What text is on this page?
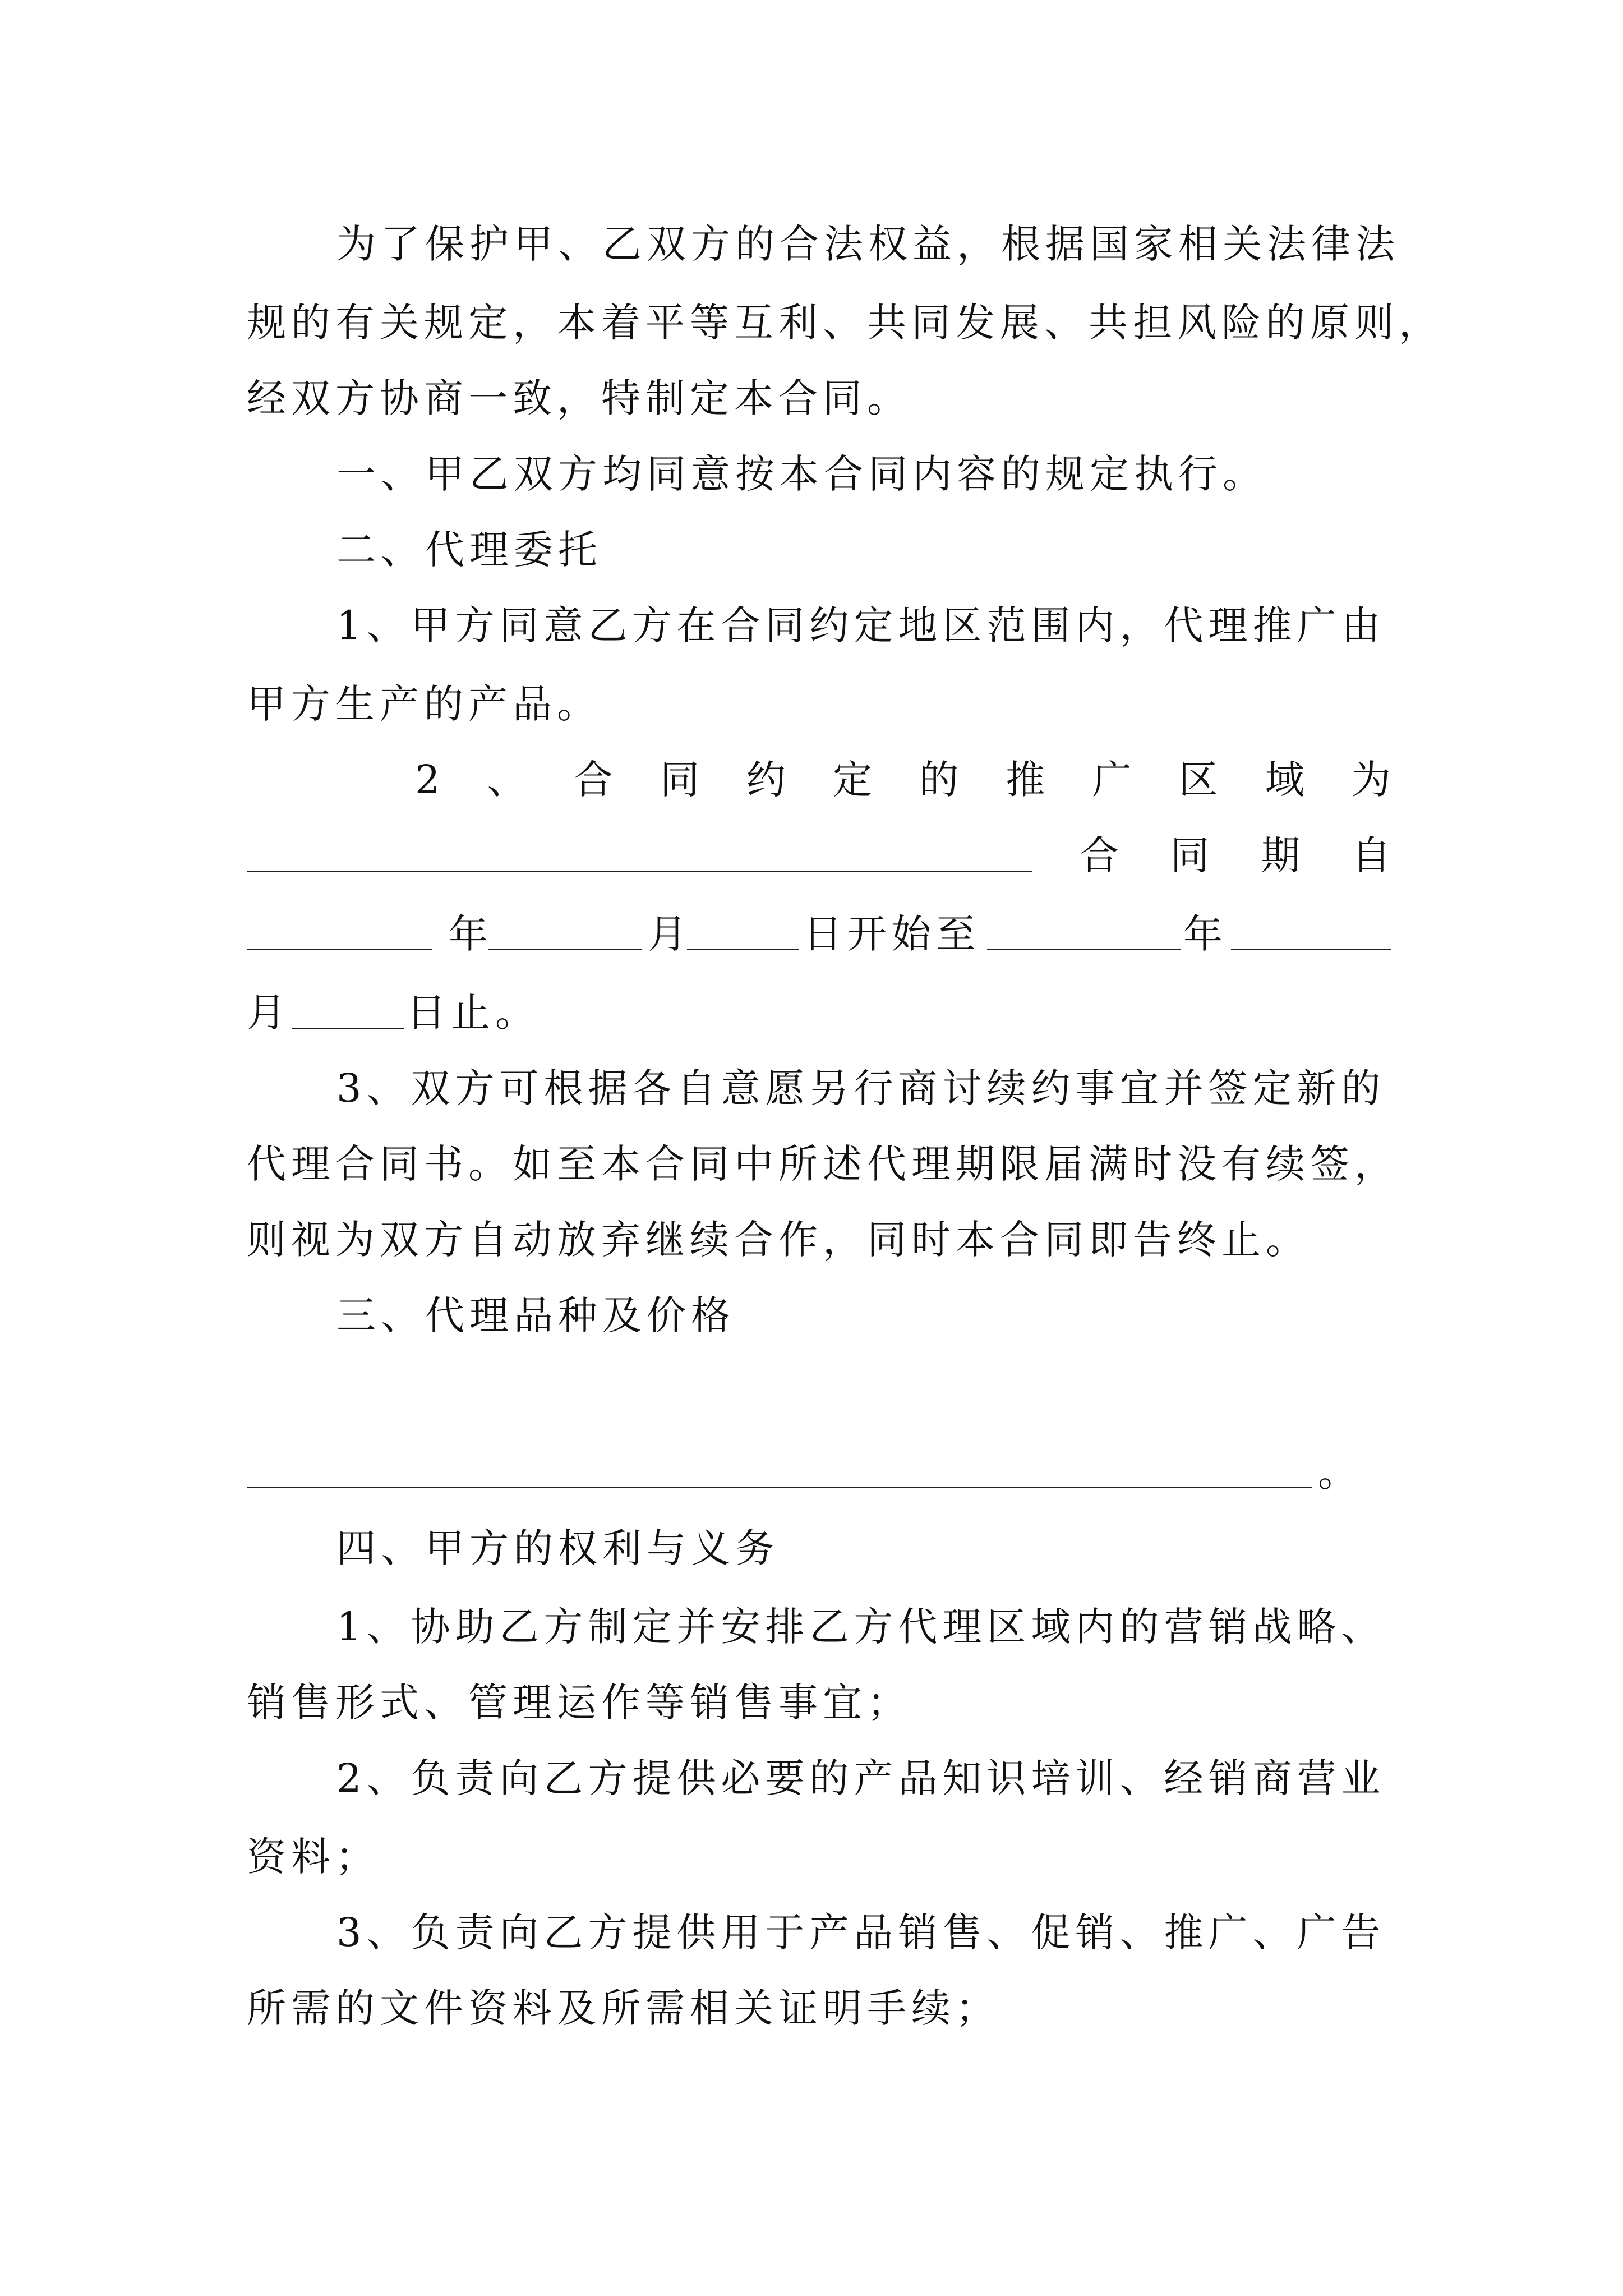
为了保护甲、乙双方的合法权益，根据国家相关法律法
规的有关规定，本着平等互利、共同发展、共担风险的原则，
经双方协商一致，特制定本合同。
一、甲乙双方均同意按本合同内容的规定执行。
二、代理委托
1、甲方同意乙方在合同约定地区范围内，代理推广由
甲方生产的产品。
2 、 合 同 约 定 的 推 广 区 域 为
合 同 期 自
年	月	日开始至	年
月	日止。
3、双方可根据各自意愿另行商讨续约事宜并签定新的
代理合同书。如至本合同中所述代理期限届满时没有续签，
则视为双方自动放弃继续合作，同时本合同即告终止。
三、代理品种及价格
。
四、甲方的权利与义务
1、协助乙方制定并安排乙方代理区域内的营销战略、
销售形式、管理运作等销售事宜；
2、负责向乙方提供必要的产品知识培训、经销商营业
资料；
3、负责向乙方提供用于产品销售、促销、推广、广告
所需的文件资料及所需相关证明手续；
